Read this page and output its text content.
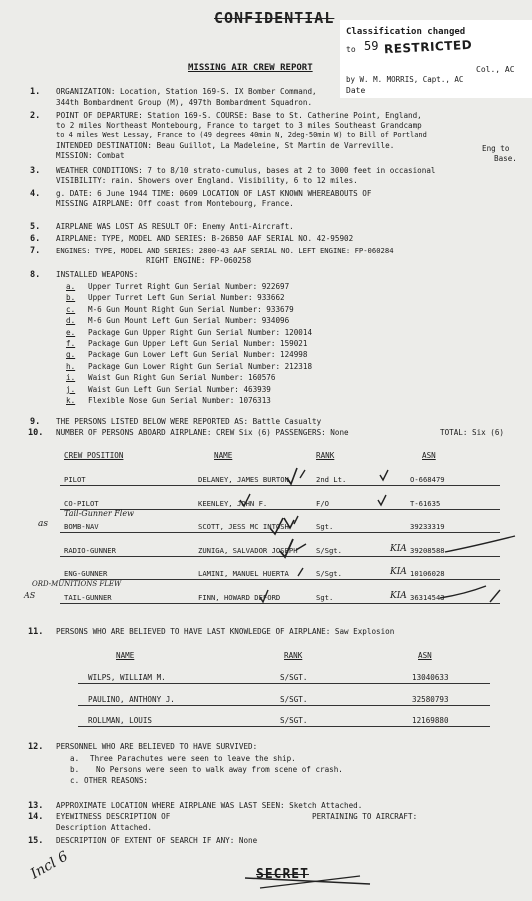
CONFIDENTIAL
Classification changed
to 59 RESTRICTED
Col., AC
by W. M. MORRIS, Capt., AC
Date
MISSING AIR CREW REPORT
1. ORGANIZATION: Location, Station 169-S. IX Bomber Command,
344th Bombardment Group (M), 497th Bombardment Squadron.
2. POINT OF DEPARTURE: Station 169-S. COURSE: Base to St. Catherine Point, England,
to 2 miles Northeast Montebourg, France to target to 3 miles Southeast Grandcamp
to 4 miles West Lessay, France to (49 degrees 40min N, 2deg-50min W) to Bill of Portland
INTENDED DESTINATION: Beau Guillot, La Madeleine, St Martin de Varreville.	Eng to
MISSION: Combat	Base.
3. WEATHER CONDITIONS: 7 to 8/10 strato-cumulus, bases at 2 to 3000 feet in occasional
VISIBILITY: rain. Showers over England. Visibility, 6 to 12 miles.
4. g. DATE: 6 June 1944 TIME: 0609 LOCATION OF LAST KNOWN WHEREABOUTS OF
MISSING AIRPLANE: Off coast from Montebourg, France.
5. AIRPLANE WAS LOST AS RESULT OF: Enemy Anti-Aircraft.
6. AIRPLANE: TYPE, MODEL AND SERIES: B-26B50 AAF SERIAL NO. 42-95902
7. ENGINES: TYPE, MODEL AND SERIES: 2800-43 AAF SERIAL NO. LEFT ENGINE: FP-060284
RIGHT ENGINE: FP-060258
8. INSTALLED WEAPONS:
a. Upper Turret Right Gun Serial Number: 922697
b. Upper Turret Left Gun Serial Number: 933662
c. M-6 Gun Mount Right Gun Serial Number: 933679
d. M-6 Gun Mount Left Gun Serial Number: 934096
e. Package Gun Upper Right Gun Serial Number: 120014
f. Package Gun Upper Left Gun Serial Number: 159021
g. Package Gun Lower Left Gun Serial Number: 124998
h. Package Gun Lower Right Gun Serial Number: 212318
i. Waist Gun Right Gun Serial Number: 160576
j. Waist Gun Left Gun Serial Number: 463939
k. Flexible Nose Gun Serial Number: 1076313
9. THE PERSONS LISTED BELOW WERE REPORTED AS: Battle Casualty
10. NUMBER OF PERSONS ABOARD AIRPLANE: CREW Six (6) PASSENGERS: None	TOTAL: Six (6)
CREW POSITION	NAME	RANK	ASN
PILOT	DELANEY, JAMES BURTON	2nd Lt.	O-668479
CO-PILOT	KEENLEY, JOHN F.	F/O	T-61635
BOMB-NAV	SCOTT, JESS MC INTOSH	Sgt.	39233319
RADIO-GUNNER	ZUNIGA, SALVADOR JOSEPH	S/Sgt.	39208588
ENG-GUNNER	LAMINI, MANUEL HUERTA	S/Sgt.	10106028
TAIL-GUNNER	FINN, HOWARD DEFORD	Sgt.	36314543
Tail-Gunner Flew
as
ORD-MUNITIONS FLEW
AS
KIA
KIA
KIA
11. PERSONS WHO ARE BELIEVED TO HAVE LAST KNOWLEDGE OF AIRPLANE: Saw Explosion
NAME	RANK	ASN
WILPS, WILLIAM M.	S/SGT.	13040633
PAULINO, ANTHONY J.	S/SGT.	32580793
ROLLMAN, LOUIS	S/SGT.	12169880
12. PERSONNEL WHO ARE BELIEVED TO HAVE SURVIVED:
a. Three Parachutes were seen to leave the ship.
b. No Persons were seen to walk away from scene of crash.
c. OTHER REASONS:
13. APPROXIMATE LOCATION WHERE AIRPLANE WAS LAST SEEN: Sketch Attached.
14. EYEWITNESS DESCRIPTION OF	PERTAINING TO AIRCRAFT:
Description Attached.
15. DESCRIPTION OF EXTENT OF SEARCH IF ANY: None
SECRET
Incl 6
